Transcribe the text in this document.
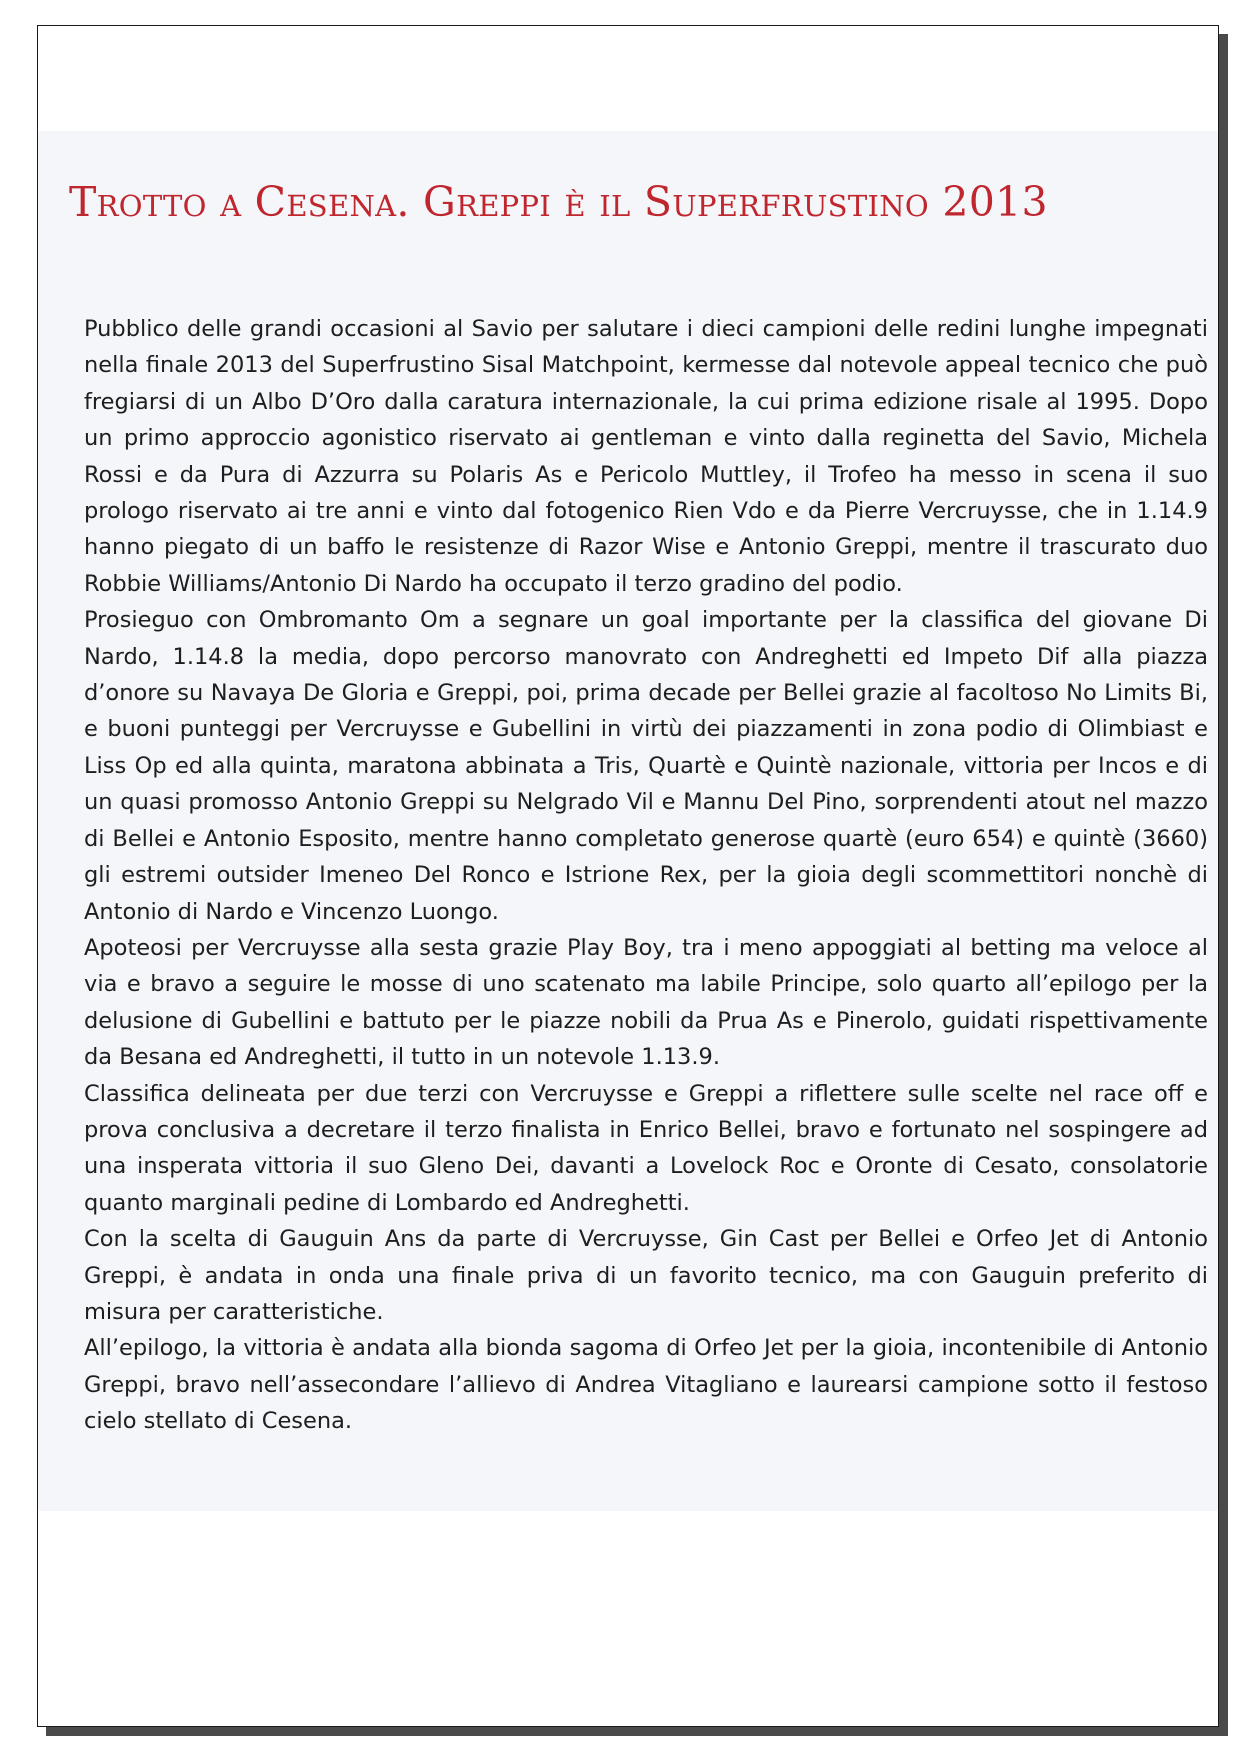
Trotto a Cesena. Greppi è il Superfrustino 2013

Pubblico delle grandi occasioni al Savio per salutare i dieci campioni delle redini lunghe impegnati nella finale 2013 del Superfrustino Sisal Matchpoint, kermesse dal notevole appeal tecnico che può fregiarsi di un Albo D’Oro dalla caratura internazionale, la cui prima edizione risale al 1995. Dopo un primo approccio agonistico riservato ai gentleman e vinto dalla reginetta del Savio, Michela Rossi e da Pura di Azzurra su Polaris As e Pericolo Muttley, il Trofeo ha messo in scena il suo prologo riservato ai tre anni e vinto dal fotogenico Rien Vdo e da Pierre Vercruysse, che in 1.14.9 hanno piegato di un baffo le resistenze di Razor Wise e Antonio Greppi, mentre il trascurato duo Robbie Williams/Antonio Di Nardo ha occupato il terzo gradino del podio.

Prosieguo con Ombromanto Om a segnare un goal importante per la classifica del giovane Di Nardo, 1.14.8 la media, dopo percorso manovrato con Andreghetti ed Impeto Dif alla piazza d’onore su Navaya De Gloria e Greppi, poi, prima decade per Bellei grazie al facoltoso No Limits Bi, e buoni punteggi per Vercruysse e Gubellini in virtù dei piazzamenti in zona podio di Olimbiast e Liss Op ed alla quinta, maratona abbinata a Tris, Quartè e Quintè nazionale, vittoria per Incos e di un quasi promosso Antonio Greppi su Nelgrado Vil e Mannu Del Pino, sorprendenti atout nel mazzo di Bellei e Antonio Esposito, mentre hanno completato generose quartè (euro 654) e quintè (3660) gli estremi outsider Imeneo Del Ronco e Istrione Rex, per la gioia degli scommettitori nonchè di Antonio di Nardo e Vincenzo Luongo.

Apoteosi per Vercruysse alla sesta grazie Play Boy, tra i meno appoggiati al betting ma veloce al via e bravo a seguire le mosse di uno scatenato ma labile Principe, solo quarto all’epilogo per la delusione di Gubellini e battuto per le piazze nobili da Prua As e Pinerolo, guidati rispettivamente da Besana ed Andreghetti, il tutto in un notevole 1.13.9.

Classifica delineata per due terzi con Vercruysse e Greppi a riflettere sulle scelte nel race off e prova conclusiva a decretare il terzo finalista in Enrico Bellei, bravo e fortunato nel sospingere ad una insperata vittoria il suo Gleno Dei, davanti a Lovelock Roc e Oronte di Cesato, consolatorie quanto marginali pedine di Lombardo ed Andreghetti.

Con la scelta di Gauguin Ans da parte di Vercruysse, Gin Cast per Bellei e Orfeo Jet di Antonio Greppi, è andata in onda una finale priva di un favorito tecnico, ma con Gauguin preferito di misura per caratteristiche.

All’epilogo, la vittoria è andata alla bionda sagoma di Orfeo Jet per la gioia, incontenibile di Antonio Greppi, bravo nell’assecondare l’allievo di Andrea Vitagliano e laurearsi campione sotto il festoso cielo stellato di Cesena.
